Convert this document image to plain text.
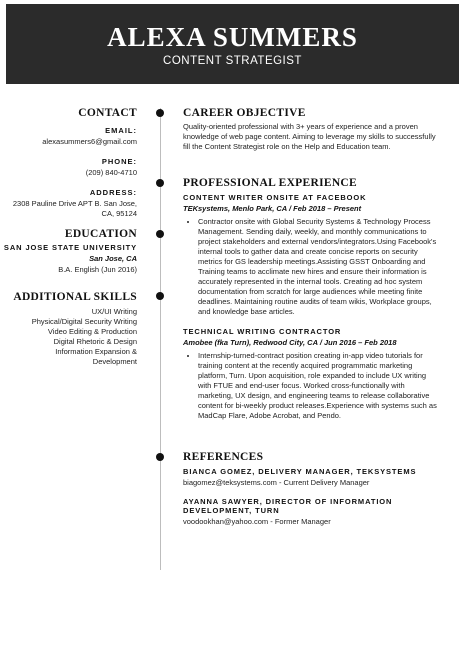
ALEXA SUMMERS
CONTENT STRATEGIST
CONTACT
EMAIL:
alexasummers6@gmail.com
PHONE:
(209) 840-4710
ADDRESS:
2308 Pauline Drive APT B. San Jose,
CA, 95124
EDUCATION
SAN JOSE STATE UNIVERSITY
San Jose, CA
B.A. English (Jun 2016)
ADDITIONAL SKILLS
UX/UI Writing
Physical/Digital Security Writing
Video Editing & Production
Digital Rhetoric & Design
Information Expansion &
Development
CAREER OBJECTIVE
Quality-oriented professional with 3+ years of experience and a proven knowledge of web page content. Aiming to leverage my skills to successfully fill the Content Strategist role on the Help and Education team.
PROFESSIONAL EXPERIENCE
CONTENT WRITER ONSITE AT FACEBOOK
TEKsystems, Menlo Park, CA / Feb 2018 – Present
• Contractor onsite with Global Security Systems & Technology Process Management. Sending daily, weekly, and monthly communications to project stakeholders and external vendors/integrators.Using Facebook's internal tools to gather data and create concise reports on security metrics for GS leadership meetings.Assisting GSST Onboarding and Training teams to acclimate new hires and ensure their information is accurately represented in the internal tools. Creating ad hoc system documentation from scratch for large audiences while meeting finite deadlines. Maintaining routine audits of team wikis, Workplace groups, and knowledge base articles.
TECHNICAL WRITING CONTRACTOR
Amobee (fka Turn), Redwood City, CA / Jun 2016 – Feb 2018
• Internship-turned-contract position creating in-app video tutorials for training content at the recently acquired programmatic marketing platform, Turn. Upon acquisition, role expanded to include UX writing with FTUE and end-user focus. Worked cross-functionally with marketing, UX design, and engineering teams to release collaborative content for bi-weekly product releases.Experience with systems such as MadCap Flare, Adobe Acrobat, and Pendo.
REFERENCES
BIANCA GOMEZ, DELIVERY MANAGER, TEKSYSTEMS
biagomez@teksystems.com - Current Delivery Manager
AYANNA SAWYER, DIRECTOR OF INFORMATION DEVELOPMENT, TURN
voodookhan@yahoo.com - Former Manager
